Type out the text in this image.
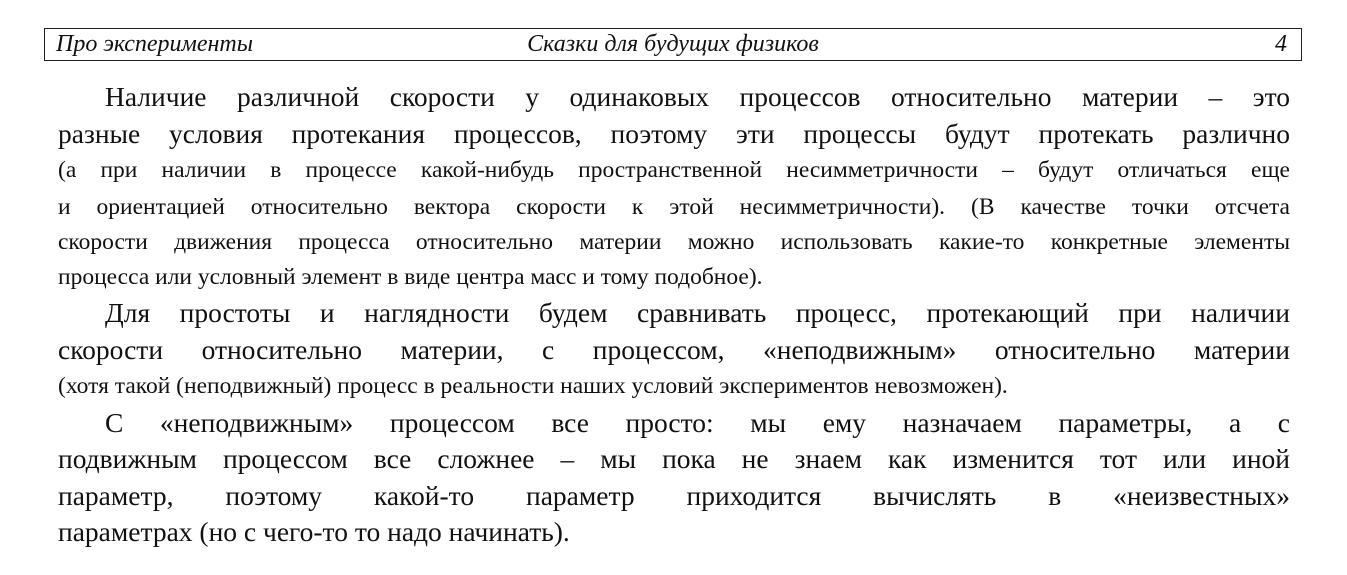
Про эксперименты	Сказки для будущих физиков	4
Наличие различной скорости у одинаковых процессов относительно материи – это
разные условия протекания процессов, поэтому эти процессы будут протекать различно
(а при наличии в процессе какой-нибудь пространственной несимметричности – будут отличаться еще
и ориентацией относительно вектора скорости к этой несимметричности). (В качестве точки отсчета
скорости движения процесса относительно материи можно использовать какие-то конкретные элементы
процесса или условный элемент в виде центра масс и тому подобное).
Для простоты и наглядности будем сравнивать процесс, протекающий при наличии
скорости относительно материи, с процессом, «неподвижным» относительно материи
(хотя такой (неподвижный) процесс в реальности наших условий экспериментов невозможен).
С «неподвижным» процессом все просто: мы ему назначаем параметры, а с
подвижным процессом все сложнее – мы пока не знаем как изменится тот или иной
параметр, поэтому какой-то параметр приходится вычислять в «неизвестных»
параметрах (но с чего-то то надо начинать).
